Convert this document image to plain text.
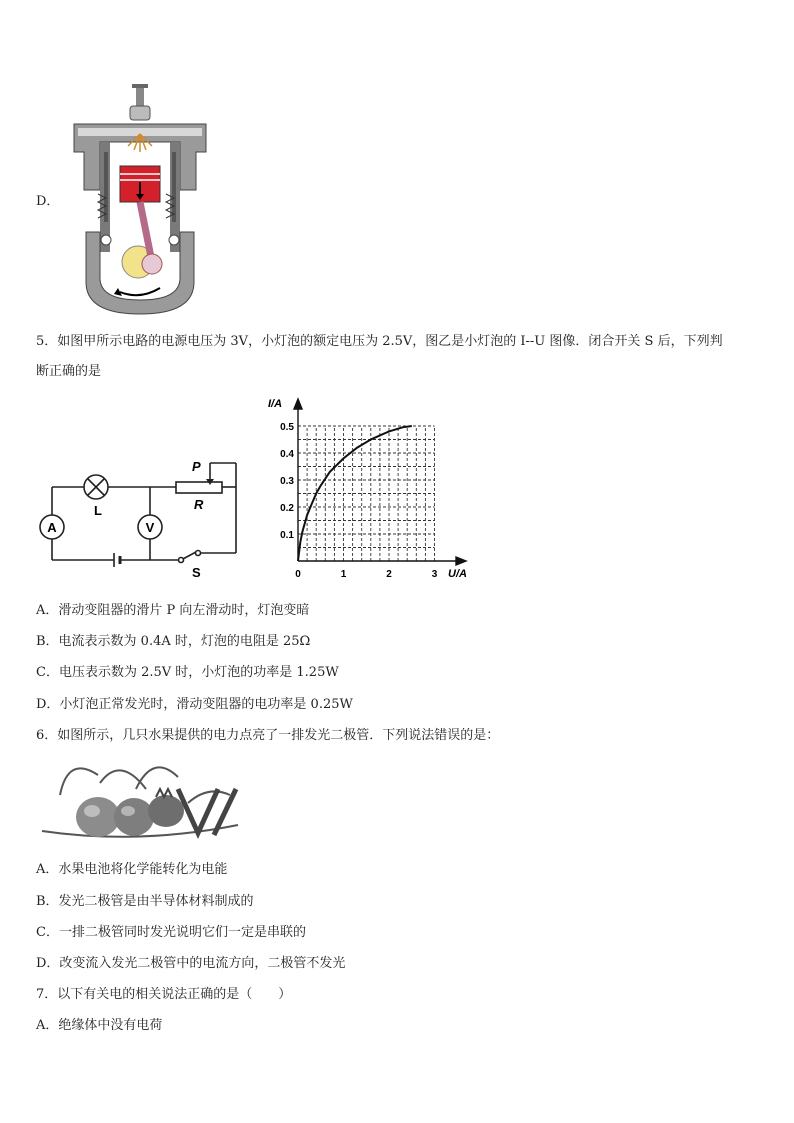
D．
5．如图甲所示电路的电源电压为 3V，小灯泡的额定电压为 2.5V，图乙是小灯泡的 I--U 图像．闭合开关 S 后，下列判
断正确的是
A	V
L
P
R
S	0	1	2	3
0.1
0.2
0.3
0.4
0.5
I/A
U/A
A．滑动变阻器的滑片 P 向左滑动时，灯泡变暗
B．电流表示数为 0.4A 时，灯泡的电阻是 25Ω
C．电压表示数为 2.5V 时，小灯泡的功率是 1.25W
D．小灯泡正常发光时，滑动变阻器的电功率是 0.25W
6．如图所示，几只水果提供的电力点亮了一排发光二极管．下列说法错误的是：
A．水果电池将化学能转化为电能
B．发光二极管是由半导体材料制成的
C．一排二极管同时发光说明它们一定是串联的
D．改变流入发光二极管中的电流方向，二极管不发光
7．以下有关电的相关说法正确的是（　　）
A．绝缘体中没有电荷
